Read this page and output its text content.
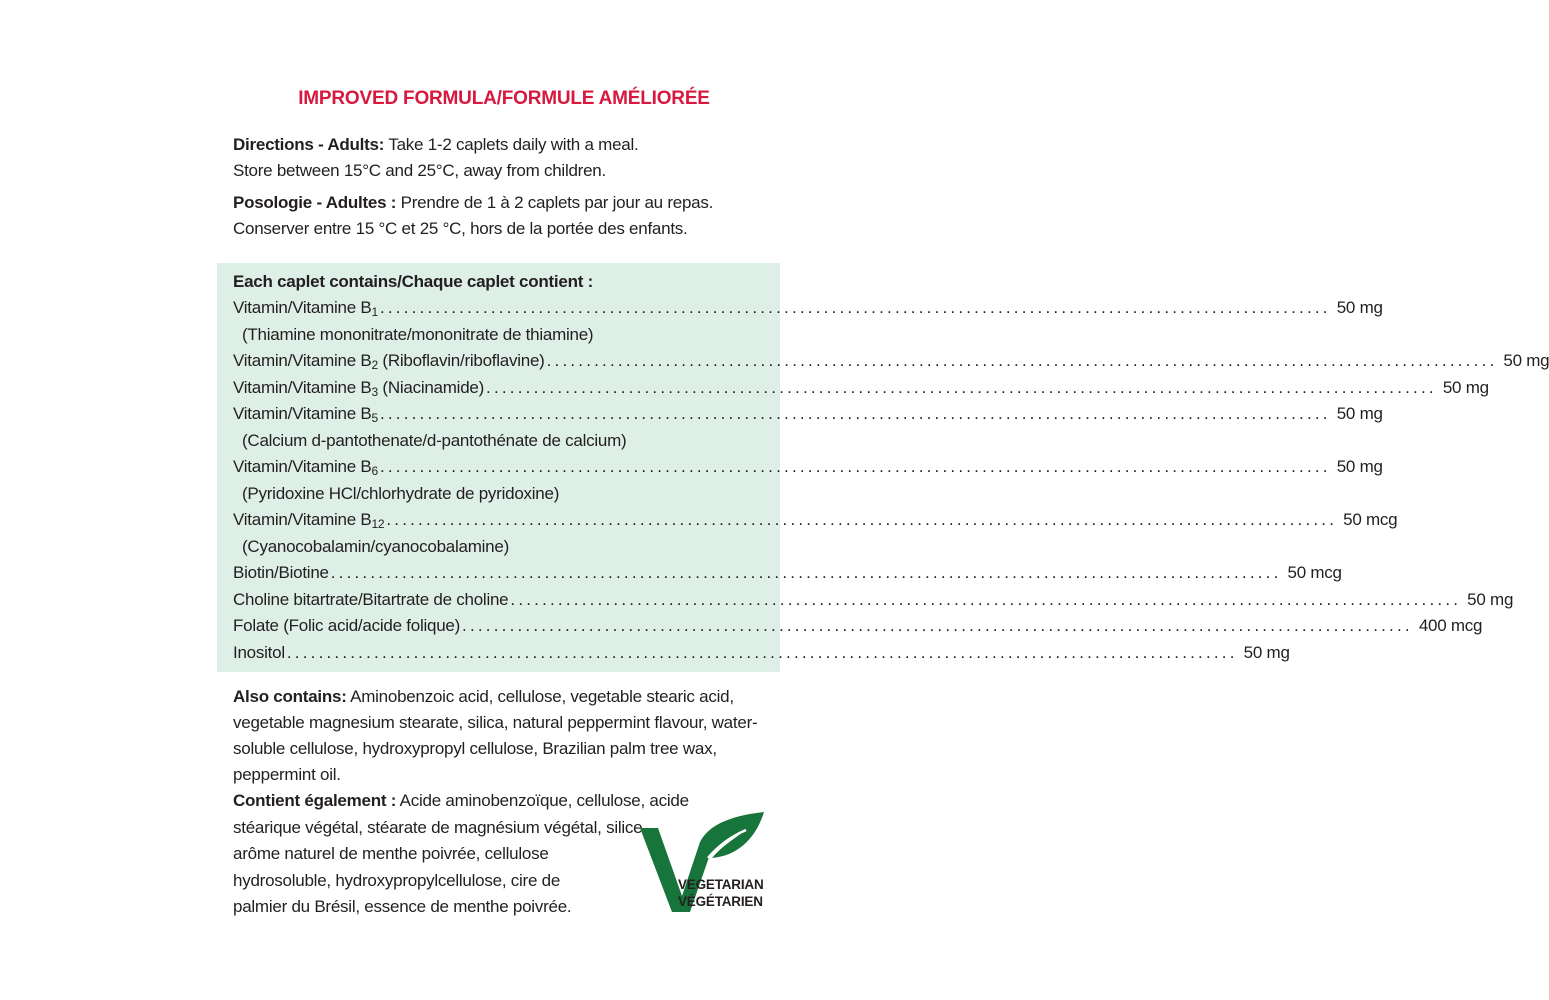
IMPROVED FORMULA/FORMULE AMÉLIORÉE
Directions - Adults: Take 1-2 caplets daily with a meal.
Store between 15°C and 25°C, away from children.
Posologie - Adultes : Prendre de 1 à 2 caplets par jour au repas.
Conserver entre 15 °C et 25 °C, hors de la portée des enfants.
Each caplet contains/Chaque caplet contient :
Vitamin/Vitamine $B_1$ ........................................................................................................................ 50 mg
(Thiamine mononitrate/mononitrate de thiamine)
Vitamin/Vitamine $B_2$ (Riboflavin/riboflavine) ........................................................................................................................ 50 mg
Vitamin/Vitamine $B_3$ (Niacinamide) ........................................................................................................................ 50 mg
Vitamin/Vitamine $B_5$ ........................................................................................................................ 50 mg
(Calcium d-pantothenate/d-pantothénate de calcium)
Vitamin/Vitamine $B_6$ ........................................................................................................................ 50 mg
(Pyridoxine HCl/chlorhydrate de pyridoxine)
Vitamin/Vitamine $B_{12}$ ........................................................................................................................ 50 mcg
(Cyanocobalamin/cyanocobalamine)
Biotin/Biotine ........................................................................................................................ 50 mcg
Choline bitartrate/Bitartrate de choline ........................................................................................................................ 50 mg
Folate (Folic acid/acide folique) ........................................................................................................................ 400 mcg
Inositol ........................................................................................................................ 50 mg
Also contains: Aminobenzoic acid, cellulose, vegetable stearic acid, vegetable magnesium stearate, silica, natural peppermint flavour, water-soluble cellulose, hydroxypropyl cellulose, Brazilian palm tree wax, peppermint oil.
Contient également : Acide aminobenzoïque, cellulose, acide
stéarique végétal, stéarate de magnésium végétal, silice,
arôme naturel de menthe poivrée, cellulose
hydrosoluble, hydroxypropylcellulose, cire de
palmier du Brésil, essence de menthe poivrée.
VEGETARIAN
VÉGÉTARIEN
